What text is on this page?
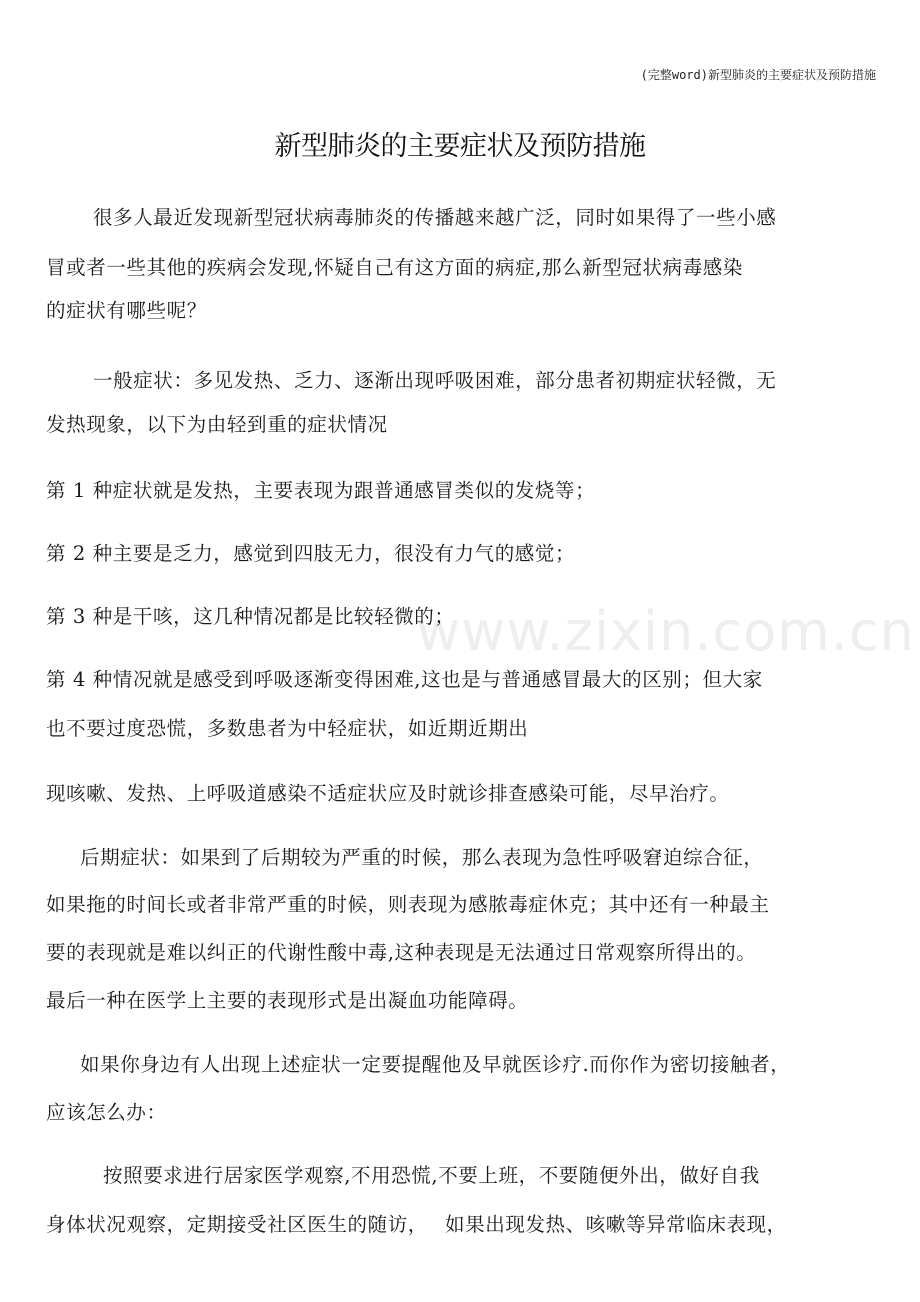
(完整word)新型肺炎的主要症状及预防措施
新型肺炎的主要症状及预防措施
www.zixin.com.cn
很多人最近发现新型冠状病毒肺炎的传播越来越广泛，同时如果得了一些小感
冒或者一些其他的疾病会发现,怀疑自己有这方面的病症,那么新型冠状病毒感染
的症状有哪些呢？
一般症状：多见发热、乏力、逐渐出现呼吸困难，部分患者初期症状轻微，无
发热现象，以下为由轻到重的症状情况
第 1 种症状就是发热，主要表现为跟普通感冒类似的发烧等；
第 2 种主要是乏力，感觉到四肢无力，很没有力气的感觉；
第 3 种是干咳，这几种情况都是比较轻微的；
第 4 种情况就是感受到呼吸逐渐变得困难,这也是与普通感冒最大的区别；但大家
也不要过度恐慌，多数患者为中轻症状，如近期近期出
现咳嗽、发热、上呼吸道感染不适症状应及时就诊排查感染可能，尽早治疗。
后期症状：如果到了后期较为严重的时候，那么表现为急性呼吸窘迫综合征，
如果拖的时间长或者非常严重的时候，则表现为感脓毒症休克；其中还有一种最主
要的表现就是难以纠正的代谢性酸中毒,这种表现是无法通过日常观察所得出的。
最后一种在医学上主要的表现形式是出凝血功能障碍。
如果你身边有人出现上述症状一定要提醒他及早就医诊疗.而你作为密切接触者，
应该怎么办：
按照要求进行居家医学观察,不用恐慌,不要上班，不要随便外出，做好自我
身体状况观察，定期接受社区医生的随访，　 如果出现发热、咳嗽等异常临床表现，
